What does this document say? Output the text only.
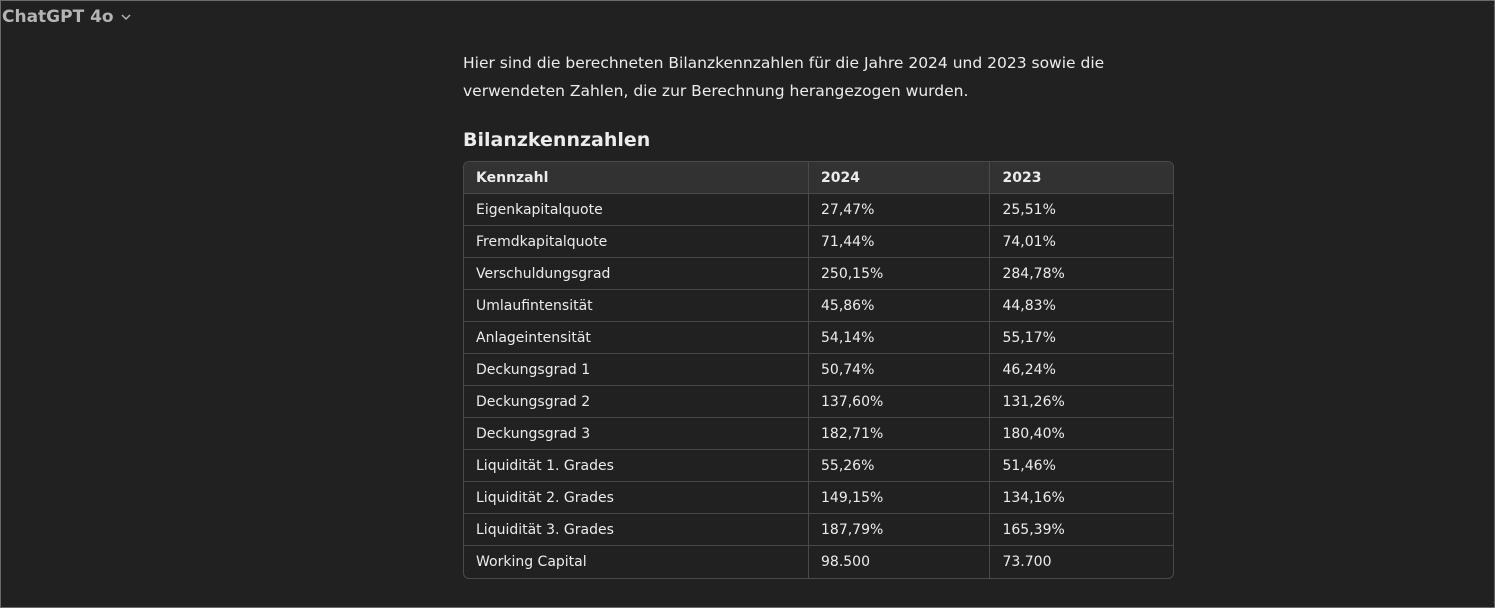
ChatGPT 4o

Hier sind die berechneten Bilanzkennzahlen für die Jahre 2024 und 2023 sowie die verwendeten Zahlen, die zur Berechnung herangezogen wurden.

Bilanzkennzahlen
Kennzahl	2024	2023
Eigenkapitalquote	27,47%	25,51%
Fremdkapitalquote	71,44%	74,01%
Verschuldungsgrad	250,15%	284,78%
Umlaufintensität	45,86%	44,83%
Anlageintensität	54,14%	55,17%
Deckungsgrad 1	50,74%	46,24%
Deckungsgrad 2	137,60%	131,26%
Deckungsgrad 3	182,71%	180,40%
Liquidität 1. Grades	55,26%	51,46%
Liquidität 2. Grades	149,15%	134,16%
Liquidität 3. Grades	187,79%	165,39%
Working Capital	98.500	73.700
